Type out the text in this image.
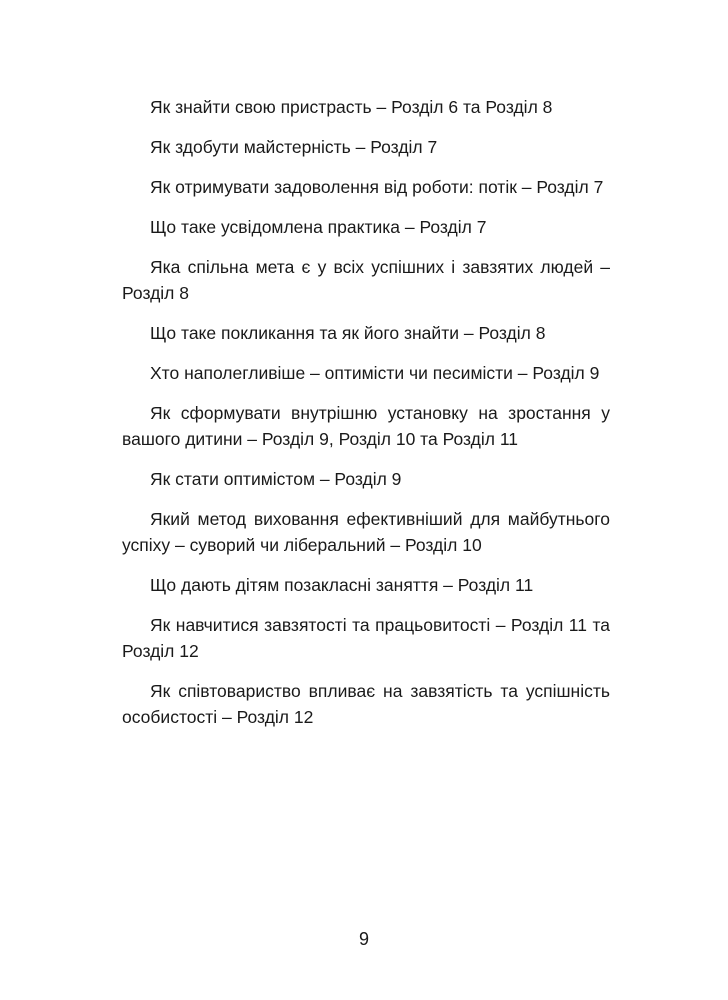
Як знайти свою пристрасть – Розділ 6 та Розділ 8

Як здобути майстерність – Розділ 7

Як отримувати задоволення від роботи: потік – Розділ 7

Що таке усвідомлена практика – Розділ 7

Яка спільна мета є у всіх успішних і завзятих людей – Розділ 8

Що таке покликання та як його знайти – Розділ 8

Хто наполегливіше – оптимісти чи песимісти – Розділ 9

Як сформувати внутрішню установку на зростання у вашого дитини – Розділ 9, Розділ 10 та Розділ 11

Як стати оптимістом – Розділ 9

Який метод виховання ефективніший для майбутнього успіху – суворий чи ліберальний – Розділ 10

Що дають дітям позакласні заняття – Розділ 11

Як навчитися завзятості та працьовитості – Розділ 11 та Розділ 12

Як співтовариство впливає на завзятість та успішність особистості – Розділ 12

9
